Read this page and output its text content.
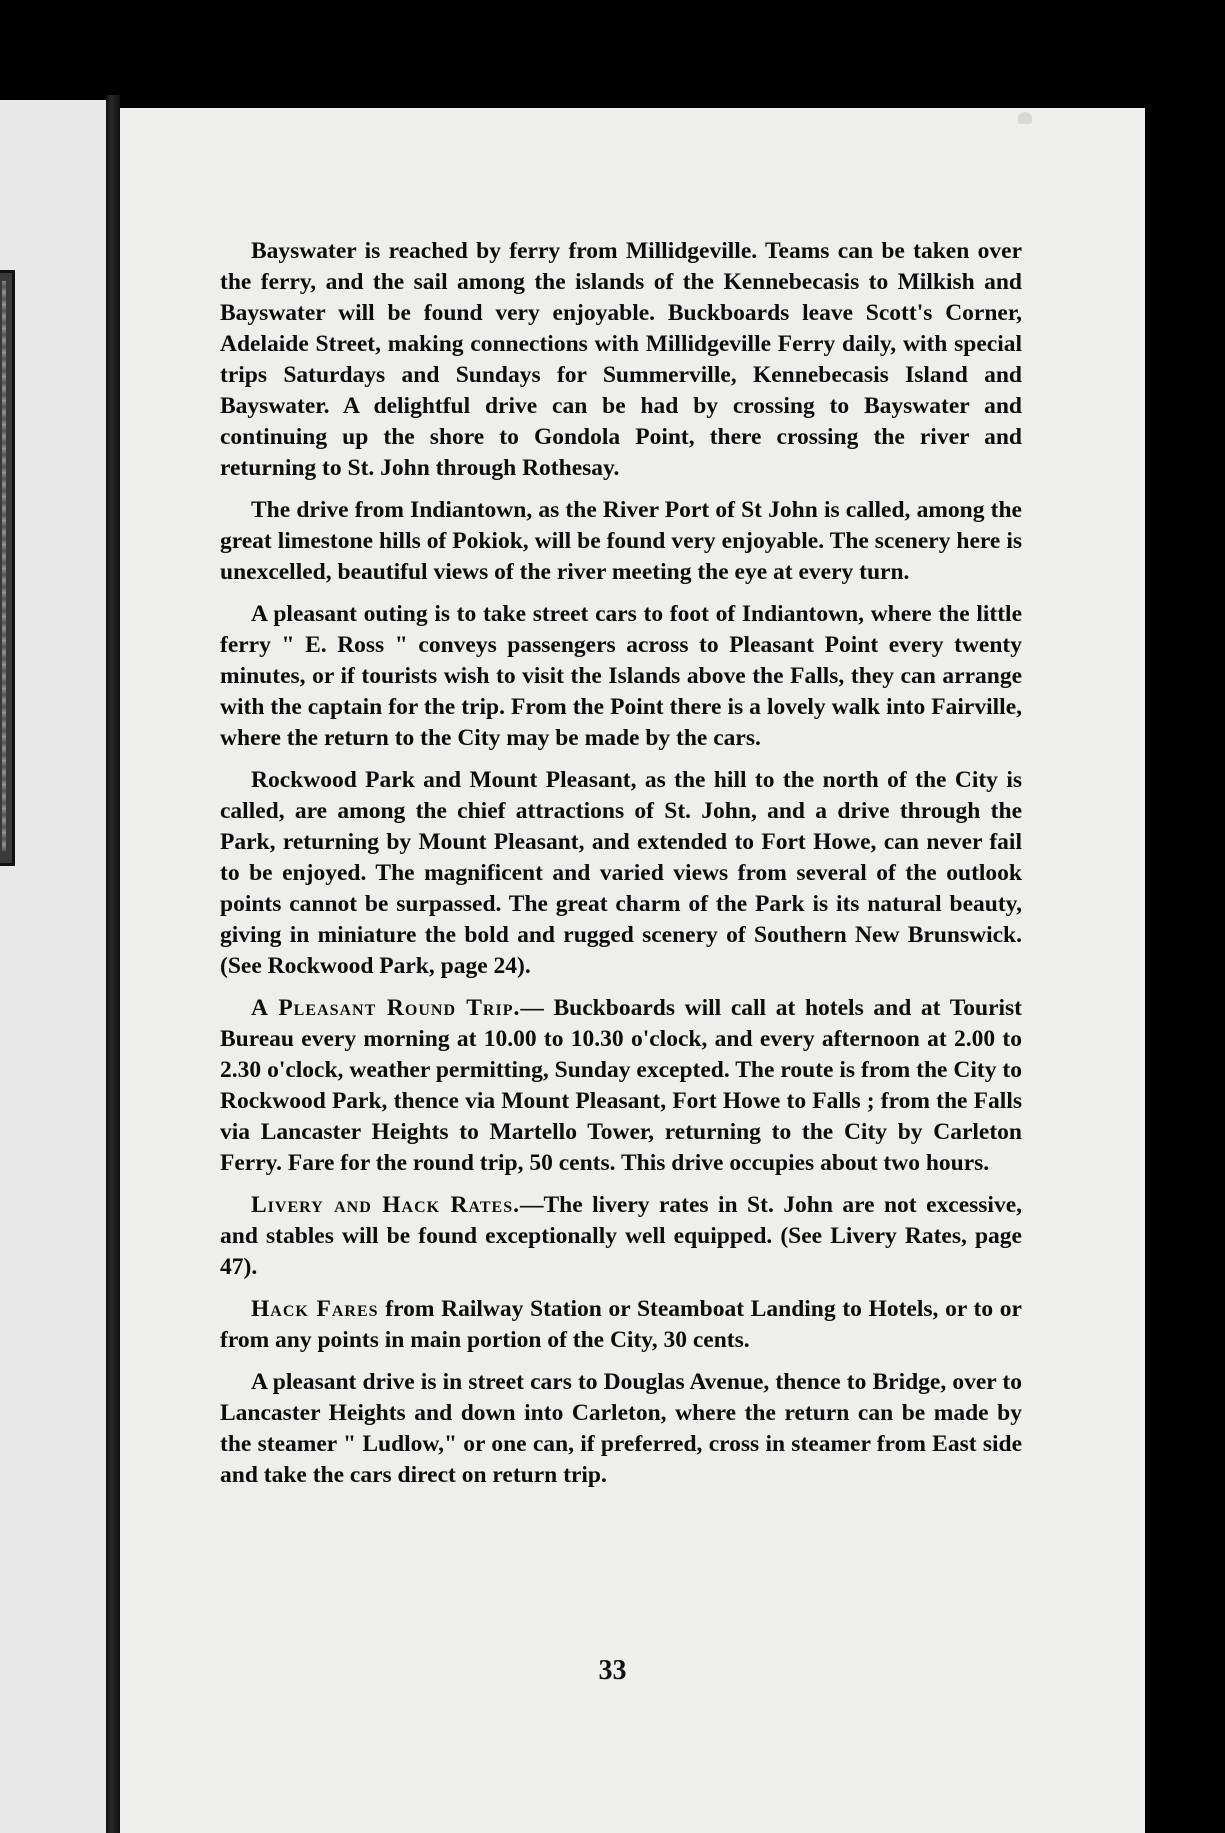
Bayswater is reached by ferry from Millidgeville. Teams can be taken over the ferry, and the sail among the islands of the Kennebecasis to Milkish and Bayswater will be found very enjoyable. Buckboards leave Scott's Corner, Adelaide Street, making connections with Millidgeville Ferry daily, with special trips Saturdays and Sundays for Summerville, Kennebecasis Island and Bayswater. A delightful drive can be had by crossing to Bayswater and continuing up the shore to Gondola Point, there crossing the river and returning to St. John through Rothesay.

The drive from Indiantown, as the River Port of St John is called, among the great limestone hills of Pokiok, will be found very enjoyable. The scenery here is unexcelled, beautiful views of the river meeting the eye at every turn.

A pleasant outing is to take street cars to foot of Indiantown, where the little ferry " E. Ross " conveys passengers across to Pleasant Point every twenty minutes, or if tourists wish to visit the Islands above the Falls, they can arrange with the captain for the trip. From the Point there is a lovely walk into Fairville, where the return to the City may be made by the cars.

Rockwood Park and Mount Pleasant, as the hill to the north of the City is called, are among the chief attractions of St. John, and a drive through the Park, returning by Mount Pleasant, and extended to Fort Howe, can never fail to be enjoyed. The magnificent and varied views from several of the outlook points cannot be surpassed. The great charm of the Park is its natural beauty, giving in miniature the bold and rugged scenery of Southern New Brunswick. (See Rockwood Park, page 24).

A Pleasant Round Trip.— Buckboards will call at hotels and at Tourist Bureau every morning at 10.00 to 10.30 o'clock, and every afternoon at 2.00 to 2.30 o'clock, weather permitting, Sunday excepted. The route is from the City to Rockwood Park, thence via Mount Pleasant, Fort Howe to Falls ; from the Falls via Lancaster Heights to Martello Tower, returning to the City by Carleton Ferry. Fare for the round trip, 50 cents. This drive occupies about two hours.

Livery and Hack Rates.—The livery rates in St. John are not excessive, and stables will be found exceptionally well equipped. (See Livery Rates, page 47).

Hack Fares from Railway Station or Steamboat Landing to Hotels, or to or from any points in main portion of the City, 30 cents.

A pleasant drive is in street cars to Douglas Avenue, thence to Bridge, over to Lancaster Heights and down into Carleton, where the return can be made by the steamer " Ludlow," or one can, if preferred, cross in steamer from East side and take the cars direct on return trip.

33
